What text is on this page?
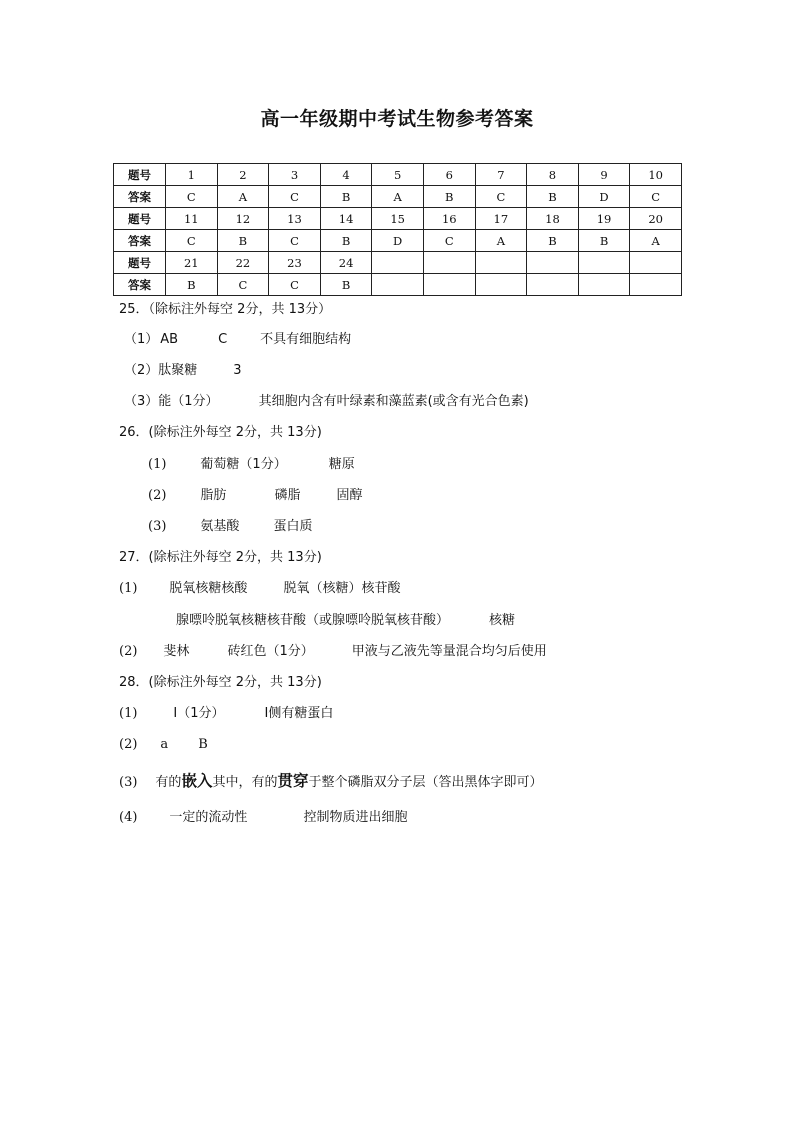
高一年级期中考试生物参考答案
题号	1	2	3	4	5	6	7	8	9	10
答案	C	A	C	B	A	B	C	B	D	C
题号	11	12	13	14	15	16	17	18	19	20
答案	C	B	C	B	D	C	A	B	B	A
题号	21	22	23	24						
答案	B	C	C	B						
25．（除标注外每空 2分，共 13分）
（1） AB	C	不具有细胞结构
（2）肽聚糖	3
（3）能（1分）	其细胞内含有叶绿素和藻蓝素(或含有光合色素)
26．(除标注外每空 2分，共 13分)
(1)	葡萄糖（1分）	糖原
(2)	脂肪	磷脂	固醇
(3)	氨基酸	蛋白质
27．(除标注外每空 2分，共 13分)
(1) 脱氧核糖核酸	脱氧（核糖）核苷酸
腺嘌呤脱氧核糖核苷酸（或腺嘌呤脱氧核苷酸）	核糖
(2) 斐林	砖红色（1分）	甲液与乙液先等量混合均匀后使用
28．(除标注外每空 2分，共 13分)
(1)	I（1分）	I侧有糖蛋白
(2) a B
(3) 有的嵌入其中，有的贯穿于整个磷脂双分子层（答出黑体字即可）
(4) 一定的流动性	控制物质进出细胞
